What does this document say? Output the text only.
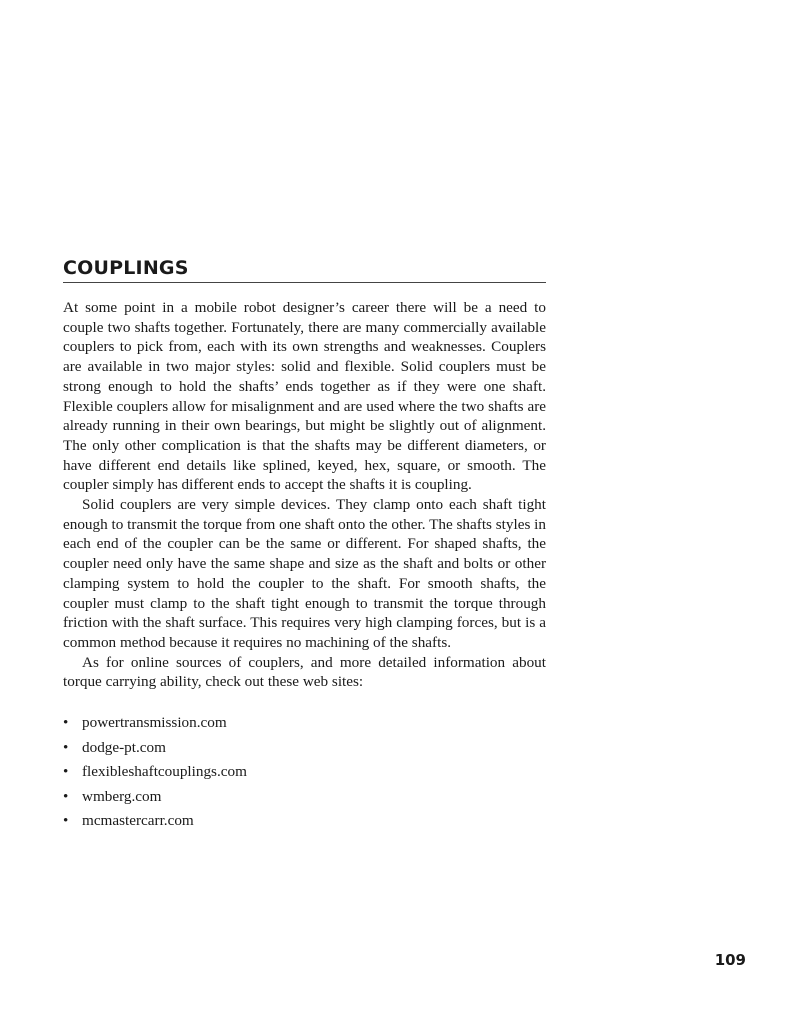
COUPLINGS

At some point in a mobile robot designer’s career there will be a need to couple two shafts together. Fortunately, there are many commercially available couplers to pick from, each with its own strengths and weaknesses. Couplers are available in two major styles: solid and flexible. Solid couplers must be strong enough to hold the shafts’ ends together as if they were one shaft. Flexible couplers allow for misalignment and are used where the two shafts are already running in their own bearings, but might be slightly out of alignment. The only other complication is that the shafts may be different diameters, or have different end details like splined, keyed, hex, square, or smooth. The coupler simply has different ends to accept the shafts it is coupling.

Solid couplers are very simple devices. They clamp onto each shaft tight enough to transmit the torque from one shaft onto the other. The shafts styles in each end of the coupler can be the same or different. For shaped shafts, the coupler need only have the same shape and size as the shaft and bolts or other clamping system to hold the coupler to the shaft. For smooth shafts, the coupler must clamp to the shaft tight enough to transmit the torque through friction with the shaft surface. This requires very high clamping forces, but is a common method because it requires no machining of the shafts.

As for online sources of couplers, and more detailed information about torque carrying ability, check out these web sites:

• powertransmission.com
• dodge-pt.com
• flexibleshaftcouplings.com
• wmberg.com
• mcmastercarr.com
109
